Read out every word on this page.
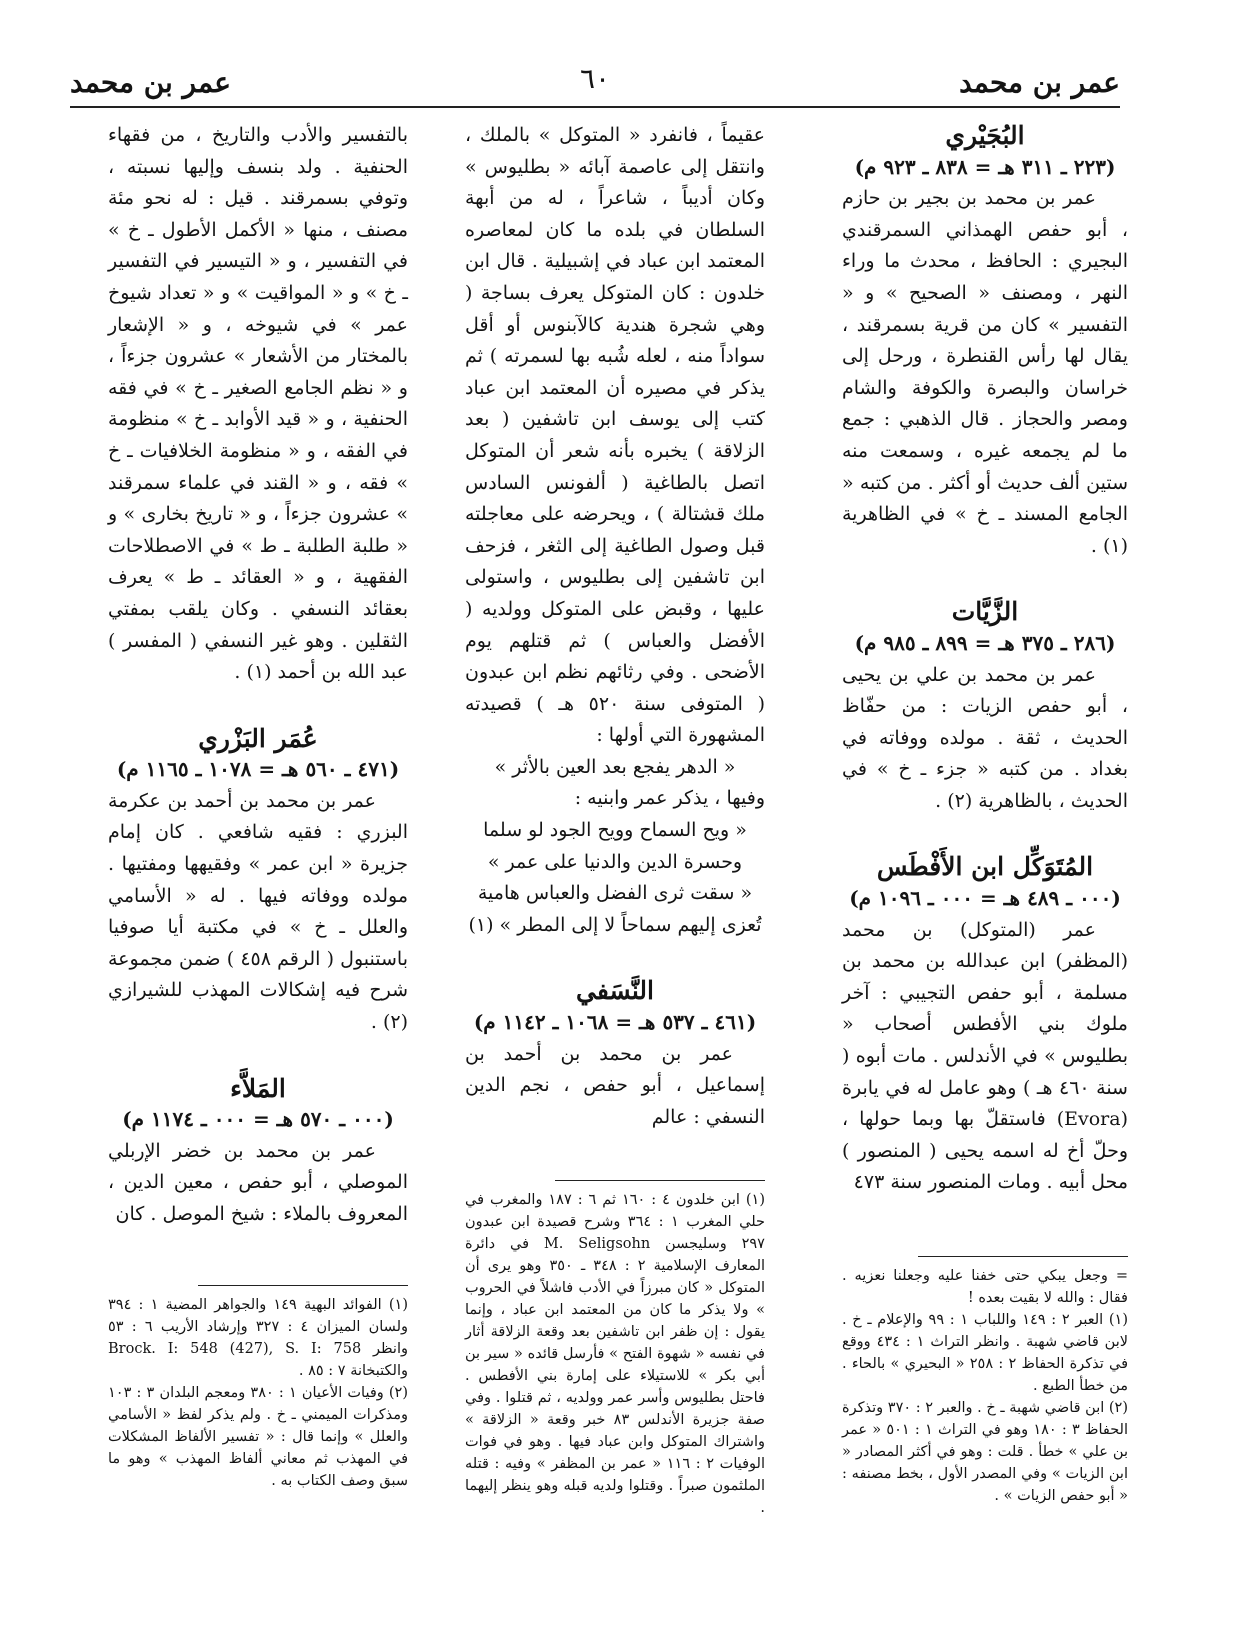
عمر بن محمد
٦٠
عمر بن محمد

البُجَيْري

(٢٢٣ ـ ٣١١ هـ = ٨٣٨ ـ ٩٢٣ م)

عمر بن محمد بن بجير بن حازم ، أبو حفص الهمذاني السمرقندي البجيري : الحافظ ، محدث ما وراء النهر ، ومصنف « الصحيح » و « التفسير » كان من قرية بسمرقند ، يقال لها رأس القنطرة ، ورحل إلى خراسان والبصرة والكوفة والشام ومصر والحجاز . قال الذهبي : جمع ما لم يجمعه غيره ، وسمعت منه ستين ألف حديث أو أكثر . من كتبه « الجامع المسند ـ خ » في الظاهرية (١) .

الزَّيَّات

(٢٨٦ ـ ٣٧٥ هـ = ٨٩٩ ـ ٩٨٥ م)

عمر بن محمد بن علي بن يحيى ، أبو حفص الزيات : من حفّاظ الحديث ، ثقة . مولده ووفاته في بغداد . من كتبه « جزء ـ خ » في الحديث ، بالظاهرية (٢) .

المُتَوَكِّل ابن الأَفْطَس

(٠٠٠ ـ ٤٨٩ هـ = ٠٠٠ ـ ١٠٩٦ م)

عمر (المتوكل) بن محمد (المظفر) ابن عبدالله بن محمد بن مسلمة ، أبو حفص التجيبي : آخر ملوك بني الأفطس أصحاب « بطليوس » في الأندلس . مات أبوه ( سنة ٤٦٠ هـ ) وهو عامل له في يابرة (Evora) فاستقلّ بها وبما حولها ، وحلّ أخ له اسمه يحيى ( المنصور ) محل أبيه . ومات المنصور سنة ٤٧٣

عقيماً ، فانفرد « المتوكل » بالملك ، وانتقل إلى عاصمة آبائه « بطليوس » وكان أديباً ، شاعراً ، له من أبهة السلطان في بلده ما كان لمعاصره المعتمد ابن عباد في إشبيلية . قال ابن خلدون : كان المتوكل يعرف بساجة ( وهي شجرة هندية كالآبنوس أو أقل سواداً منه ، لعله شُبه بها لسمرته ) ثم يذكر في مصيره أن المعتمد ابن عباد كتب إلى يوسف ابن تاشفين ( بعد الزلاقة ) يخبره بأنه شعر أن المتوكل اتصل بالطاغية ( ألفونس السادس ملك قشتالة ) ، ويحرضه على معاجلته قبل وصول الطاغية إلى الثغر ، فزحف ابن تاشفين إلى بطليوس ، واستولى عليها ، وقبض على المتوكل وولديه ( الأفضل والعباس ) ثم قتلهم يوم الأضحى . وفي رثائهم نظم ابن عبدون ( المتوفى سنة ٥٢٠ هـ ) قصيدته المشهورة التي أولها :

« الدهر يفجع بعد العين بالأثر »

وفيها ، يذكر عمر وابنيه :

« ويح السماح وويح الجود لو سلما

وحسرة الدين والدنيا على عمر »

« سقت ثرى الفضل والعباس هامية

تُعزى إليهم سماحاً لا إلى المطر » (١)

النَّسَفي

(٤٦١ ـ ٥٣٧ هـ = ١٠٦٨ ـ ١١٤٢ م)

عمر بن محمد بن أحمد بن إسماعيل ، أبو حفص ، نجم الدين النسفي : عالم

بالتفسير والأدب والتاريخ ، من فقهاء الحنفية . ولد بنسف وإليها نسبته ، وتوفي بسمرقند . قيل : له نحو مئة مصنف ، منها « الأكمل الأطول ـ خ » في التفسير ، و « التيسير في التفسير ـ خ » و « المواقيت » و « تعداد شيوخ عمر » في شيوخه ، و « الإشعار بالمختار من الأشعار » عشرون جزءاً ، و « نظم الجامع الصغير ـ خ » في فقه الحنفية ، و « قيد الأوابد ـ خ » منظومة في الفقه ، و « منظومة الخلافيات ـ خ » فقه ، و « القند في علماء سمرقند » عشرون جزءاً ، و « تاريخ بخارى » و « طلبة الطلبة ـ ط » في الاصطلاحات الفقهية ، و « العقائد ـ ط » يعرف بعقائد النسفي . وكان يلقب بمفتي الثقلين . وهو غير النسفي ( المفسر ) عبد الله بن أحمد (١) .

عُمَر البَزْري

(٤٧١ ـ ٥٦٠ هـ = ١٠٧٨ ـ ١١٦٥ م)

عمر بن محمد بن أحمد بن عكرمة البزري : فقيه شافعي . كان إمام جزيرة « ابن عمر » وفقيهها ومفتيها . مولده ووفاته فيها . له « الأسامي والعلل ـ خ » في مكتبة أيا صوفيا باستنبول ( الرقم ٤٥٨ ) ضمن مجموعة شرح فيه إشكالات المهذب للشيرازي (٢) .

المَلاَّء

(٠٠٠ ـ ٥٧٠ هـ = ٠٠٠ ـ ١١٧٤ م)

عمر بن محمد بن خضر الإربلي الموصلي ، أبو حفص ، معين الدين ، المعروف بالملاء : شيخ الموصل . كان

= وجعل يبكي حتى خفنا عليه وجعلنا نعزيه . فقال : والله لا بقيت بعده !

(١) العبر ٢ : ١٤٩ واللباب ١ : ٩٩ والإعلام ـ خ . لابن قاضي شهبة . وانظر التراث ١ : ٤٣٤ ووقع في تذكرة الحفاظ ٢ : ٢٥٨ « البحيري » بالحاء . من خطأ الطبع .

(٢) ابن قاضي شهبة ـ خ . والعبر ٢ : ٣٧٠ وتذكرة الحفاظ ٣ : ١٨٠ وهو في التراث ١ : ٥٠١ « عمر بن علي » خطأ . قلت : وهو في أكثر المصادر « ابن الزيات » وفي المصدر الأول ، بخط مصنفه : « أبو حفص الزيات » .

(١) ابن خلدون ٤ : ١٦٠ ثم ٦ : ١٨٧ والمغرب في حلي المغرب ١ : ٣٦٤ وشرح قصيدة ابن عبدون ٢٩٧ وسليجسن M. Seligsohn في دائرة المعارف الإسلامية ٢ : ٣٤٨ ـ ٣٥٠ وهو يرى أن المتوكل « كان مبرزاً في الأدب فاشلاً في الحروب » ولا يذكر ما كان من المعتمد ابن عباد ، وإنما يقول : إن ظفر ابن تاشفين بعد وقعة الزلاقة أثار في نفسه « شهوة الفتح » فأرسل قائده « سير بن أبي بكر » للاستيلاء على إمارة بني الأفطس . فاحتل بطليوس وأسر عمر وولديه ، ثم قتلوا . وفي صفة جزيرة الأندلس ٨٣ خبر وقعة « الزلاقة » واشتراك المتوكل وابن عباد فيها . وهو في فوات الوفيات ٢ : ١١٦ « عمر بن المظفر » وفيه : قتله الملثمون صبراً . وقتلوا ولديه قبله وهو ينظر إليهما .

(١) الفوائد البهية ١٤٩ والجواهر المضية ١ : ٣٩٤ ولسان الميزان ٤ : ٣٢٧ وإرشاد الأريب ٦ : ٥٣ وانظر Brock. I: 548 (427), S. I: 758 والكتبخانة ٧ : ٨٥ .

(٢) وفيات الأعيان ١ : ٣٨٠ ومعجم البلدان ٣ : ١٠٣ ومذكرات الميمني ـ خ . ولم يذكر لفظ « الأسامي والعلل » وإنما قال : « تفسير الألفاظ المشكلات في المهذب ثم معاني ألفاظ المهذب » وهو ما سبق وصف الكتاب به .
